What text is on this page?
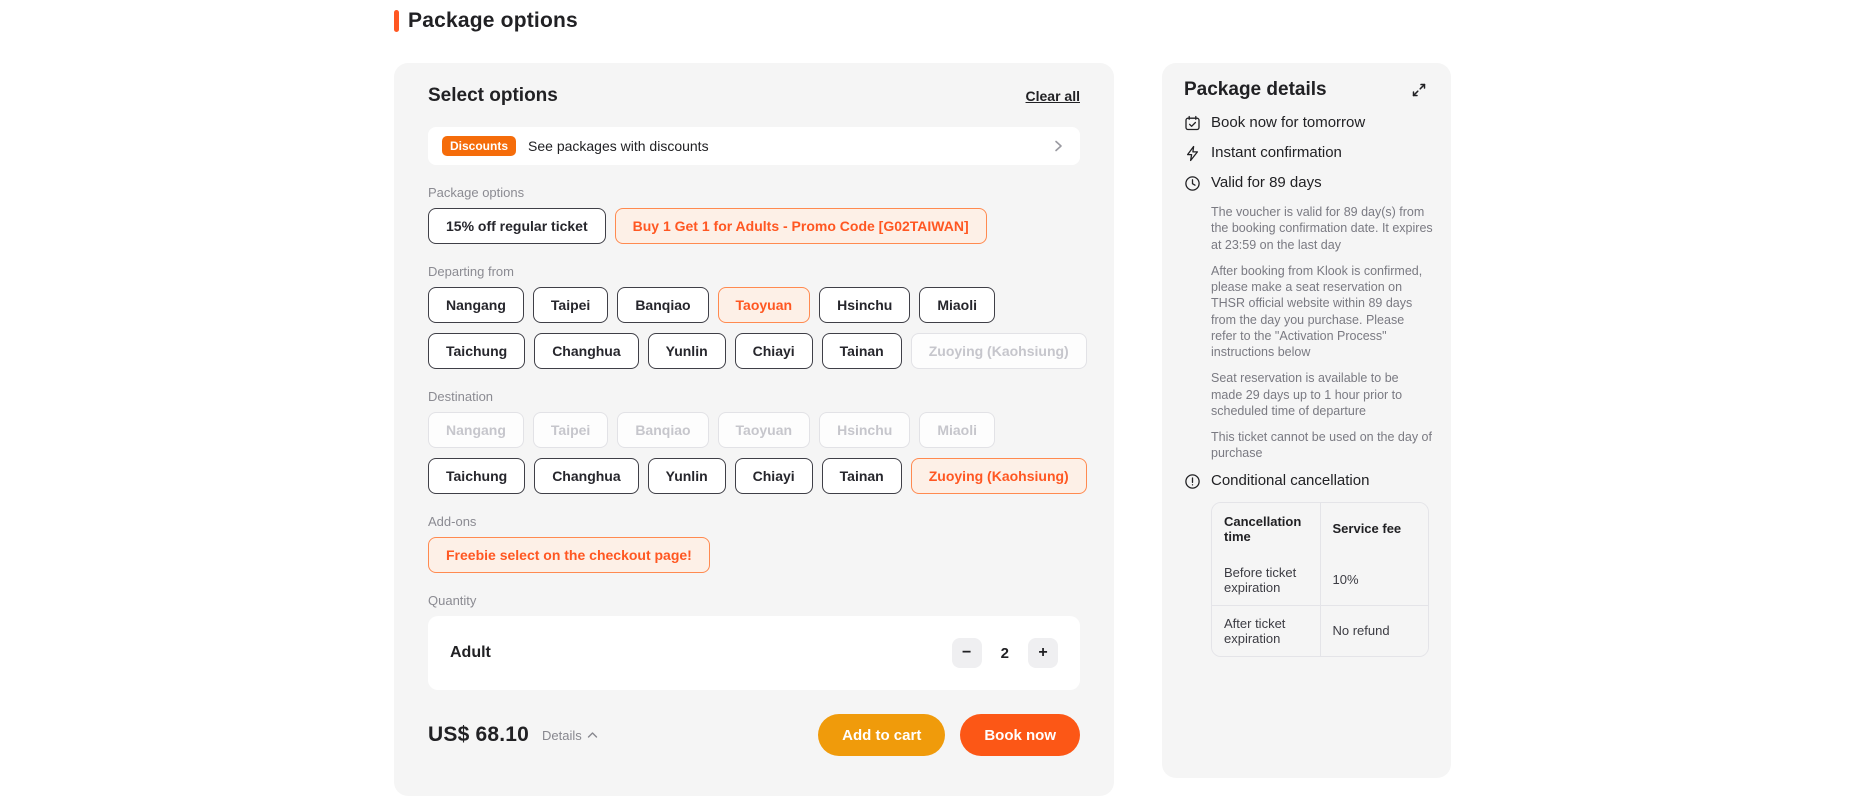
Package options
Select options	Clear all
Discounts	See packages with discounts
Package options
15% off regular ticket	Buy 1 Get 1 for Adults - Promo Code [G02TAIWAN]
Departing from
Nangang	Taipei	Banqiao	Taoyuan	Hsinchu	Miaoli
Taichung	Changhua	Yunlin	Chiayi	Tainan	Zuoying (Kaohsiung)
Destination
Nangang	Taipei	Banqiao	Taoyuan	Hsinchu	Miaoli
Taichung	Changhua	Yunlin	Chiayi	Tainan	Zuoying (Kaohsiung)
Add-ons
Freebie select on the checkout page!
Quantity
Adult	−	2	+
US$ 68.10 Details	Add to cart	Book now
Package details
Book now for tomorrow
Instant confirmation
Valid for 89 days

The voucher is valid for 89 day(s) from the booking confirmation date. It expires at 23:59 on the last day

After booking from Klook is confirmed, please make a seat reservation on THSR official website within 89 days from the day you purchase. Please refer to the "Activation Process" instructions below

Seat reservation is available to be made 29 days up to 1 hour prior to scheduled time of departure

This ticket cannot be used on the day of purchase

Conditional cancellation
Cancellation time	Service fee
Before ticket expiration	10%
After ticket expiration	No refund
